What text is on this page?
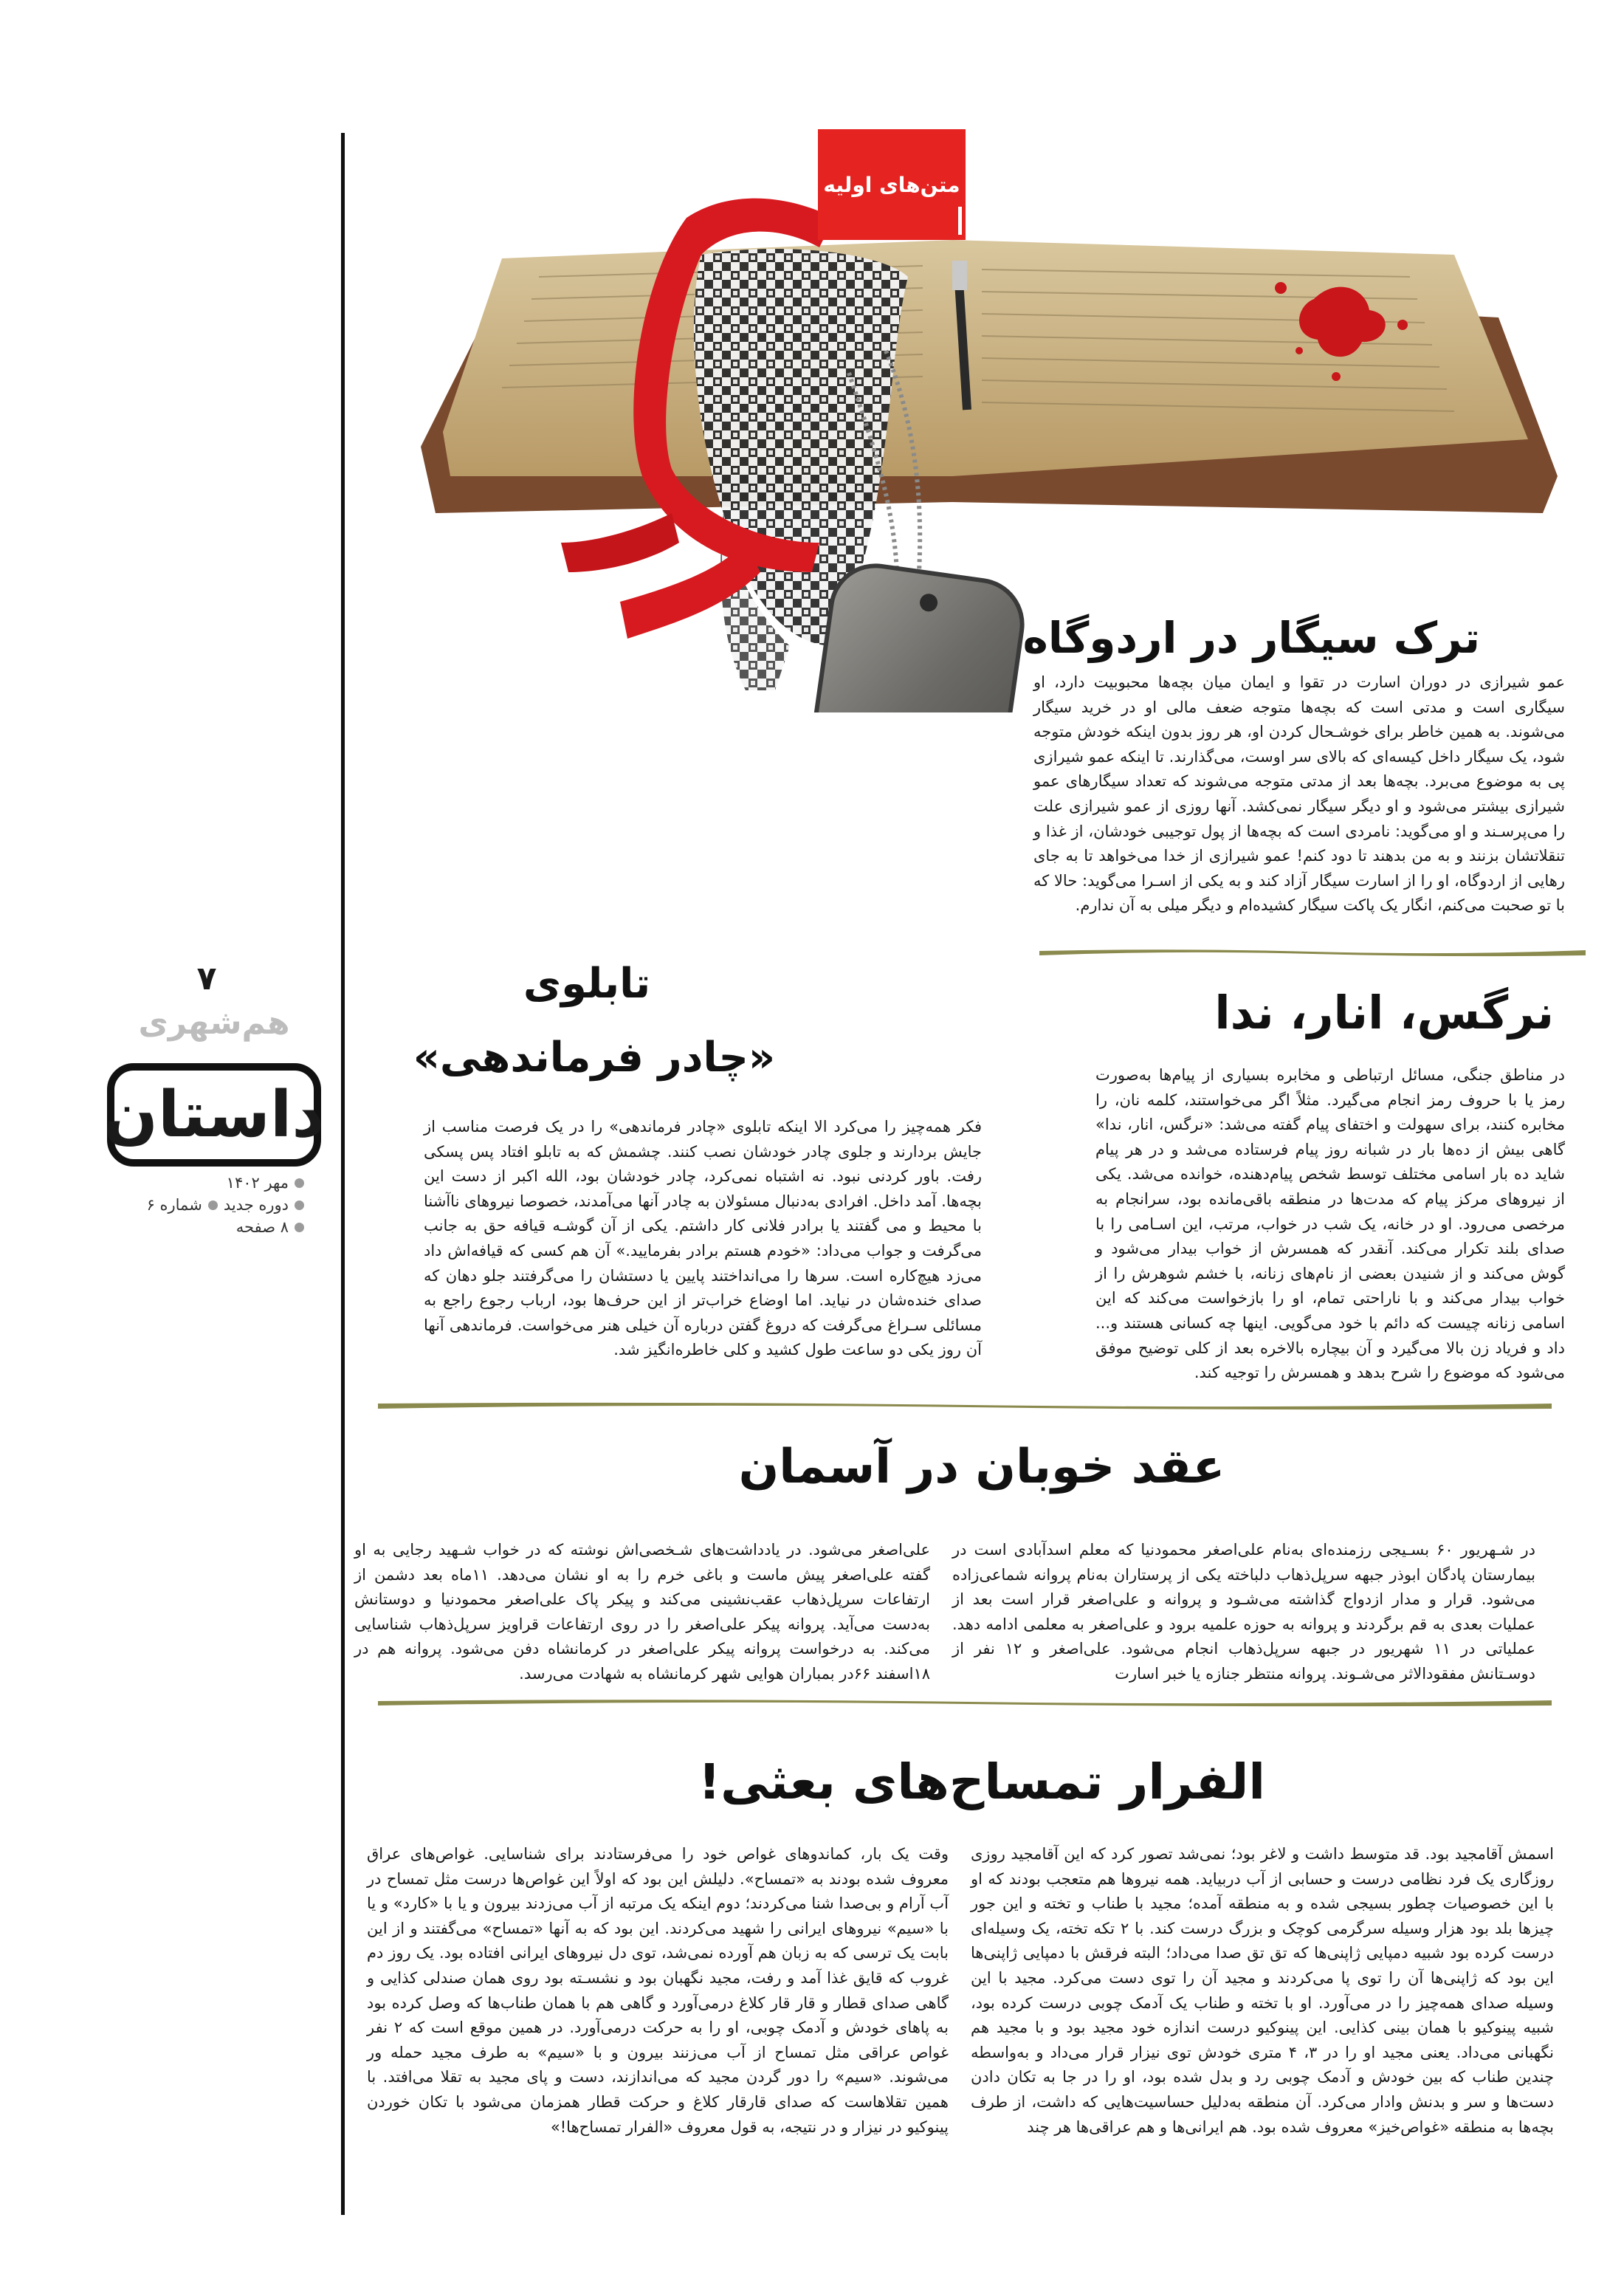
۷
هم‌شهری
داستان
مهر ۱۴۰۲
دوره جدید
شماره ۶
۸ صفحه
متن‌های اولیه
ترک سیگار در اردوگاه
عمو شیرازی در دوران اسارت در تقوا و ایمان میان بچه‌ها محبوبیت دارد، او سیگاری است و مدتی است که بچه‌ها متوجه ضعف مالی او در خرید سیگار می‌شوند. به همین خاطر برای خوشـحال کردن او، هر روز بدون اینکه خودش متوجه شود، یک سیگار داخل کیسه‌ای که بالای سر اوست، می‌گذارند. تا اینکه عمو شیرازی پی به موضوع می‌برد. بچه‌ها بعد از مدتی متوجه می‌شوند که تعداد سیگارهای عمو شیرازی بیشتر می‌شود و او دیگر سیگار نمی‌کشد. آنها روزی از عمو شیرازی علت را می‌پرسـند و او می‌گوید: نامردی است که بچه‌ها از پول توجیبی خودشان، از غذا و تنقلاتشان بزنند و به من بدهند تا دود کنم! عمو شیرازی از خدا می‌خواهد تا به جای رهایی از اردوگاه، او را از اسارت سیگار آزاد کند و به یکی از اسـرا می‌گوید: حالا که با تو صحبت می‌کنم، انگار یک پاکت سیگار کشیده‌ام و دیگر میلی به آن ندارم.
نرگس، انار، ندا
در مناطق جنگی، مسائل ارتباطی و مخابره بسیاری از پیام‌ها به‌صورت رمز یا با حروف رمز انجام می‌گیرد. مثلاً اگر می‌خواستند، کلمه نان، را مخابره کنند، برای سهولت و اختفای پیام گفته می‌شد: «نرگس، انار، ندا» گاهی بیش از ده‌ها بار در شبانه روز پیام فرستاده می‌شد و در هر پیام شاید ده بار اسامی مختلف توسط شخص پیام‌دهنده، خوانده می‌شد. یکی از نیروهای مرکز پیام که مدت‌ها در منطقه باقی‌مانده بود، سرانجام به مرخصی می‌رود. او در خانه، یک شب در خواب، مرتب، این اسـامی را با صدای بلند تکرار می‌کند. آنقدر که همسرش از خواب بیدار می‌شود و گوش می‌کند و از شنیدن بعضی از نام‌های زنانه، با خشم شوهرش را از خواب بیدار می‌کند و با ناراحتی تمام، او را بازخواست می‌کند که این اسامی زنانه چیست که دائم با خود می‌گویی. اینها چه کسانی هستند و... داد و فریاد زن بالا می‌گیرد و آن بیچاره بالاخره بعد از کلی توضیح موفق می‌شود که موضوع را شرح بدهد و همسرش را توجیه کند.
تابلوی
«چادر فرماندهی»
فکر همه‌چیز را می‌کرد الا اینکه تابلوی «چادر فرماندهی» را در یک فرصت مناسب از جایش بردارند و جلوی چادر خودشان نصب کنند. چشمش که به تابلو افتاد پس پسکی رفت. باور کردنی نبود. نه اشتباه نمی‌کرد، چادر خودشان بود، الله اکبر از دست این بچه‌ها. آمد داخل. افرادی به‌دنبال مسئولان به چادر آنها می‌آمدند، خصوصا نیروهای ناآشنا با محیط و می گفتند یا برادر فلانی کار داشتم. یکی از آن گوشـه قیافه حق به جانب می‌گرفت و جواب می‌داد: «خودم هستم برادر بفرمایید.» آن هم کسی که قیافه‌اش داد می‌زد هیچ‌کاره است. سرها را می‌انداختند پایین یا دستشان را می‌گرفتند جلو دهان که صدای خنده‌شان در نیاید. اما اوضاع خراب‌تر از این حرف‌ها بود، ارباب رجوع راجع به مسائلی سـراغ می‌گرفت که دروغ گفتن درباره آن خیلی هنر می‌خواست. فرماندهی آنها آن روز یکی دو ساعت طول کشید و کلی خاطره‌انگیز شد.
عقد خوبان در آسمان
در شـهریور ۶۰ بسـیجی رزمنده‌ای به‌نام علی‌اصغر محمودنیا که معلم اسدآبادی است در بیمارستان پادگان ابوذر جبهه سرپل‌ذهاب دلباخته یکی از پرستاران به‌نام پروانه شماعی‌زاده می‌شود. قرار و مدار ازدواج گذاشته می‌شـود و پروانه و علی‌اصغر قرار است بعد از عملیات بعدی به قم برگردند و پروانه به حوزه علمیه برود و علی‌اصغر به معلمی ادامه دهد. عملیاتی در ۱۱ شهریور در جبهه سرپل‌ذهاب انجام می‌شود. علی‌اصغر و ۱۲ نفر از دوسـتانش مفقودالاثر می‌شـوند. پروانه منتظر جنازه یا خبر اسارت
علی‌اصغر می‌شود. در یادداشت‌های شـخصی‌اش نوشته که در خواب شـهید رجایی به او گفته علی‌اصغر پیش ماست و باغی خرم را به او نشان می‌دهد. ۱۱ماه بعد دشمن از ارتفاعات سرپل‌ذهاب عقب‌نشینی می‌کند و پیکر پاک علی‌اصغر محمودنیا و دوستانش به‌دست می‌آید. پروانه پیکر علی‌اصغر را در روی ارتفاعات قراویز سرپل‌ذهاب شناسایی می‌کند. به درخواست پروانه پیکر علی‌اصغر در کرمانشاه دفن می‌شود. پروانه هم در ۱۸اسفند ۶۶در بمباران هوایی شهر کرمانشاه به شهادت می‌رسد.
الفرار تمساح‌های بعثی!
اسمش آقامجید بود. قد متوسط داشت و لاغر بود؛ نمی‌شد تصور کرد که این آقامجید روزی روزگاری یک فرد نظامی درست و حسابی از آب دربیاید. همه نیروها هم متعجب بودند که او با این خصوصیات چطور بسیجی شده و به منطقه آمده؛ مجید با طناب و تخته و این جور چیزها بلد بود هزار وسیله سرگرمی کوچک و بزرگ درست کند. با ۲ تکه تخته، یک وسیله‌ای درست کرده بود شبیه دمپایی ژاپنی‌ها که تق تق صدا می‌داد؛ البته فرقش با دمپایی ژاپنی‌ها این بود که ژاپنی‌ها آن را توی پا می‌کردند و مجید آن را توی دست می‌کرد. مجید با این وسیله صدای همه‌چیز را در می‌آورد. او با تخته و طناب یک آدمک چوبی درست کرده بود، شبیه پینوکیو با همان بینی کذایی. این پینوکیو درست اندازه خود مجید بود و با مجید هم نگهبانی می‌داد. یعنی مجید او را در ۳، ۴ متری خودش توی نیزار قرار می‌داد و به‌واسطه چندین طناب که بین خودش و آدمک چوبی رد و بدل شده بود، او را در جا به تکان دادن دست‌ها و سر و بدنش وادار می‌کرد. آن منطقه به‌دلیل حساسیت‌هایی که داشت، از طرف بچه‌ها به منطقه «غواص‌خیز» معروف شده بود. هم ایرانی‌ها و هم عراقی‌ها هر چند
وقت یک بار، کماندوهای غواص خود را می‌فرستادند برای شناسایی. غواص‌های عراق معروف شده بودند به «تمساح». دلیلش این بود که اولاً این غواص‌ها درست مثل تمساح در آب آرام و بی‌صدا شنا می‌کردند؛ دوم اینکه یک مرتبه از آب می‌زدند بیرون و یا با «کارد» و یا با «سیم» نیروهای ایرانی را شهید می‌کردند. این بود که به آنها «تمساح» می‌گفتند و از این بابت یک ترسی که به زبان هم آورده نمی‌شد، توی دل نیروهای ایرانی افتاده بود. یک روز دم غروب که قایق غذا آمد و رفت، مجید نگهبان بود و نشسـته بود روی همان صندلی کذایی و گاهی صدای قطار و قار قار کلاغ درمی‌آورد و گاهی هم با همان طناب‌ها که وصل کرده بود به پاهای خودش و آدمک چوبی، او را به حرکت درمی‌آورد. در همین موقع است که ۲ نفر غواص عراقی مثل تمساح از آب می‌زنند بیرون و با «سیم» به طرف مجید حمله ور می‌شوند. «سیم» را دور گردن مجید که می‌اندازند، دست و پای مجید به تقلا می‌افتد. با همین تقلاهاست که صدای قارقار کلاغ و حرکت قطار همزمان می‌شود با تکان خوردن پینوکیو در نیزار و در نتیجه، به قول معروف «الفرار تمساح‌ها!»
